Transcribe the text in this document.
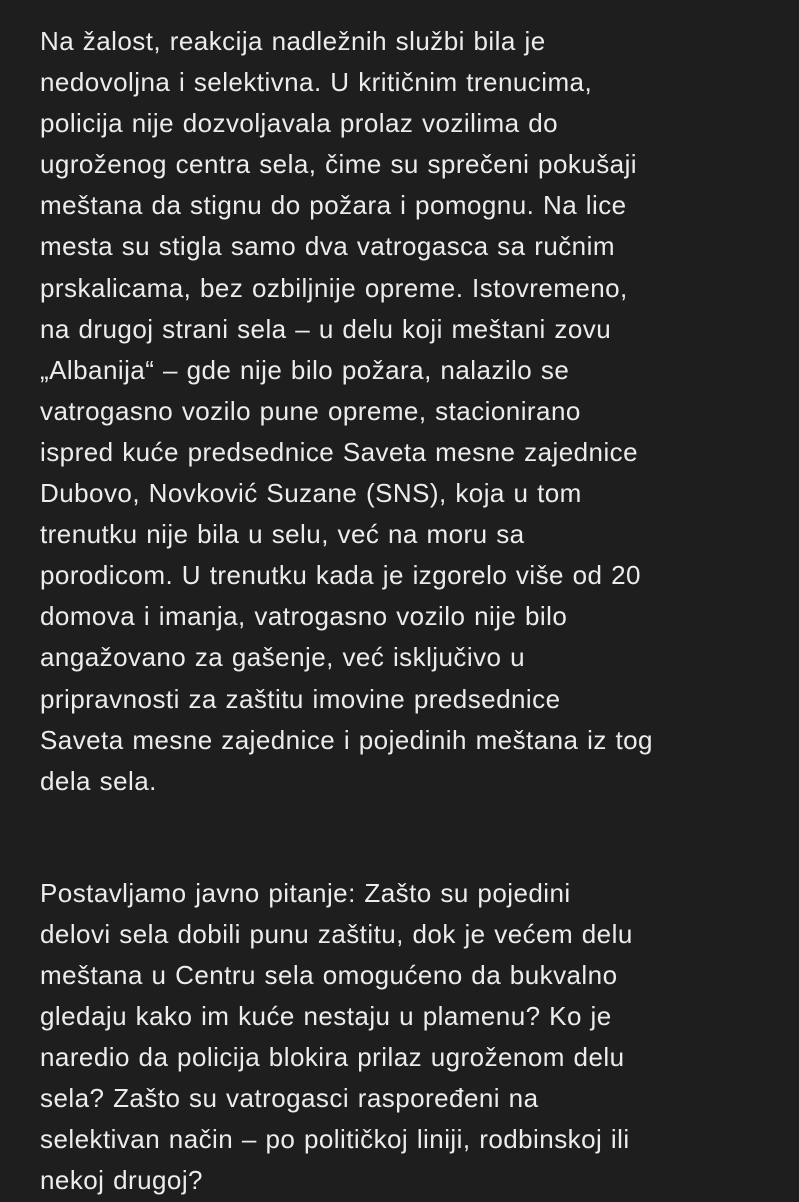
Na žalost, reakcija nadležnih službi bila je
nedovoljna i selektivna. U kritičnim trenucima,
policija nije dozvoljavala prolaz vozilima do
ugroženog centra sela, čime su sprečeni pokušaji
meštana da stignu do požara i pomognu. Na lice
mesta su stigla samo dva vatrogasca sa ručnim
prskalicama, bez ozbiljnije opreme. Istovremeno,
na drugoj strani sela – u delu koji meštani zovu
„Albanija“ – gde nije bilo požara, nalazilo se
vatrogasno vozilo pune opreme, stacionirano
ispred kuće predsednice Saveta mesne zajednice
Dubovo, Novković Suzane (SNS), koja u tom
trenutku nije bila u selu, već na moru sa
porodicom. U trenutku kada je izgorelo više od 20
domova i imanja, vatrogasno vozilo nije bilo
angažovano za gašenje, već isključivo u
pripravnosti za zaštitu imovine predsednice
Saveta mesne zajednice i pojedinih meštana iz tog
dela sela.
Postavljamo javno pitanje: Zašto su pojedini
delovi sela dobili punu zaštitu, dok je većem delu
meštana u Centru sela omogućeno da bukvalno
gledaju kako im kuće nestaju u plamenu? Ko je
naredio da policija blokira prilaz ugroženom delu
sela? Zašto su vatrogasci raspoređeni na
selektivan način – po političkoj liniji, rodbinskoj ili
nekoj drugoj?
